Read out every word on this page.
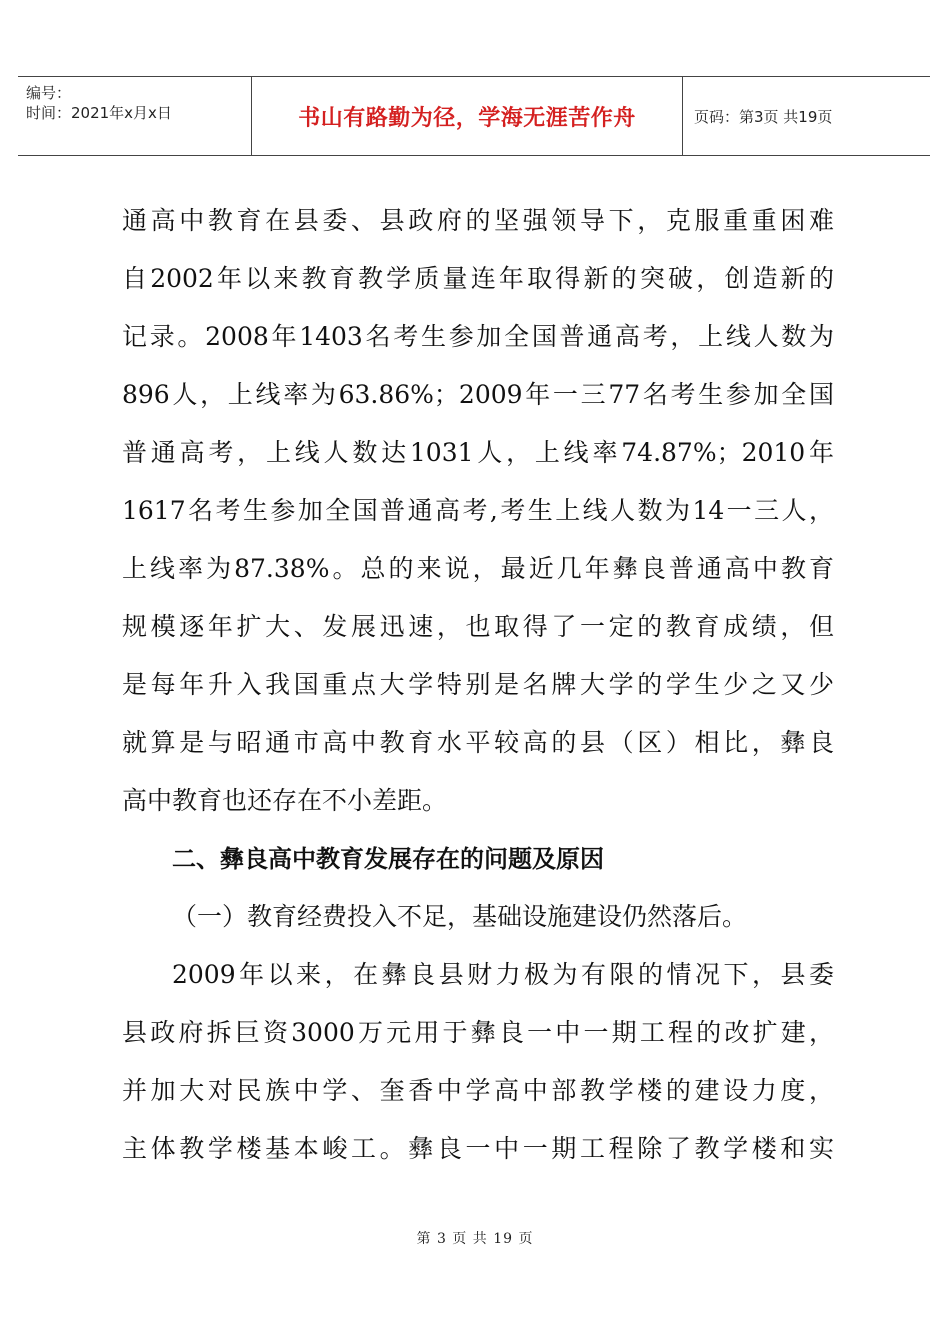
编号：
时间：2021年x月x日	书山有路勤为径，学海无涯苦作舟	页码：第3页 共19页
通高中教育在县委、县政府的坚强领导下，克服重重困难
自2002年以来教育教学质量连年取得新的突破，创造新的
记录。2008年1403名考生参加全国普通高考，上线人数为
896人，上线率为63.86%；2009年一三77名考生参加全国
普通高考，上线人数达1031人，上线率74.87%；2010年
1617名考生参加全国普通高考,考生上线人数为14一三人，
上线率为87.38%。总的来说，最近几年彝良普通高中教育
规模逐年扩大、发展迅速，也取得了一定的教育成绩，但
是每年升入我国重点大学特别是名牌大学的学生少之又少
就算是与昭通市高中教育水平较高的县（区）相比，彝良
高中教育也还存在不小差距。
二、彝良高中教育发展存在的问题及原因
（一）教育经费投入不足，基础设施建设仍然落后。
2009年以来，在彝良县财力极为有限的情况下，县委
县政府拆巨资3000万元用于彝良一中一期工程的改扩建，
并加大对民族中学、奎香中学高中部教学楼的建设力度，
主体教学楼基本峻工。彝良一中一期工程除了教学楼和实
第 3 页 共 19 页
